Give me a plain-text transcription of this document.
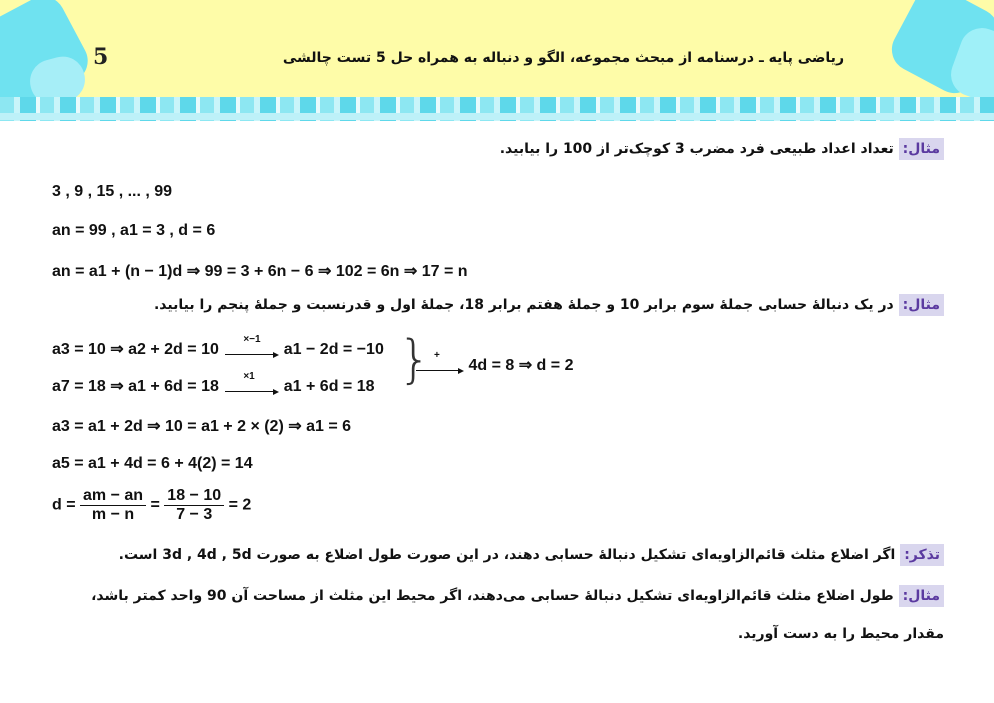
5	ریاضی پایه ـ درسنامه از مبحث مجموعه، الگو و دنباله به همراه حل 5 تست چالشی
مثال: تعداد اعداد طبیعی فرد مضرب 3 کوچک‌تر از 100 را بیابید.
3 , 9 , 15 , ... , 99
an = 99 , a1 = 3 , d = 6
an = a1 + (n − 1)d ⇒ 99 = 3 + 6n − 6 ⇒ 102 = 6n ⇒ 17 = n
مثال: در یک دنبالهٔ حسابی جملهٔ سوم برابر 10 و جملهٔ هفتم برابر 18، جملهٔ اول و قدرنسبت و جملهٔ پنجم را بیابید.
a3 = 10 ⇒ a2 + 2d = 10
×−1
a1 − 2d = −10
a7 = 18 ⇒ a1 + 6d = 18
×1
a1 + 6d = 18 } +
4d = 8 ⇒ d = 2
a3 = a1 + 2d ⇒ 10 = a1 + 2 × (2) ⇒ a1 = 6
a5 = a1 + 4d = 6 + 4(2) = 14
$d = \frac{am - an}{m - n} = \frac{18 - 10}{7 - 3} = 2$
تذکر: اگر اضلاع مثلث قائم‌الزاویه‌ای تشکیل دنبالهٔ حسابی دهند، در این صورت طول اضلاع به صورت 3d , 4d , 5d است.
مثال: طول اضلاع مثلث قائم‌الزاویه‌ای تشکیل دنبالهٔ حسابی می‌دهند، اگر محیط این مثلث از مساحت آن 90 واحد کمتر باشد،
مقدار محیط را به دست آورید.
